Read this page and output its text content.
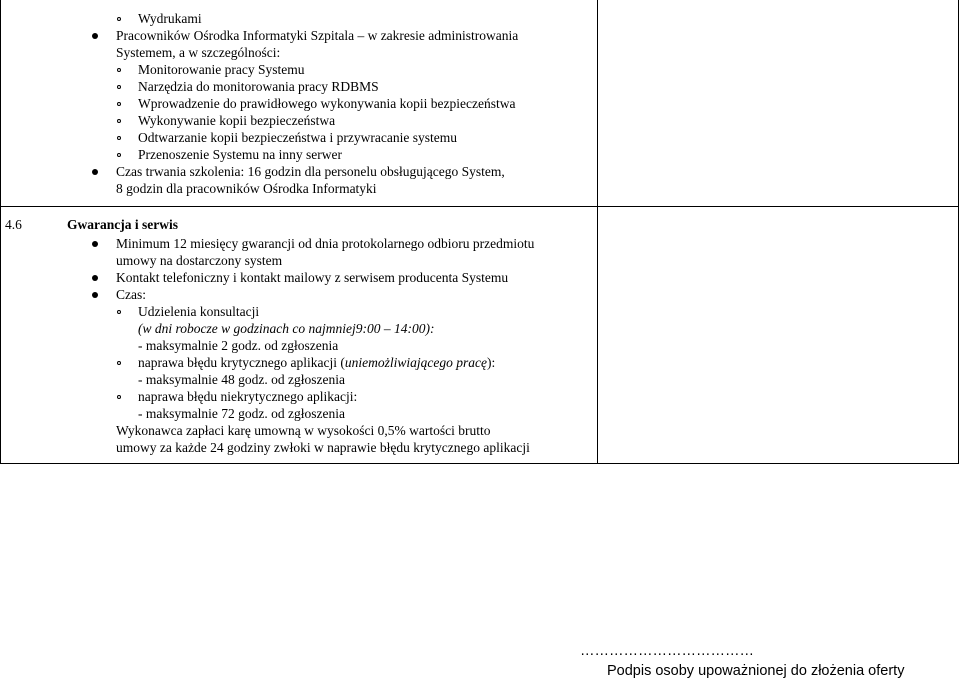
Wydrukami
Pracowników Ośrodka Informatyki Szpitala – w zakresie administrowania
Systemem, a w szczególności:
Monitorowanie pracy Systemu
Narzędzia do monitorowania pracy RDBMS
Wprowadzenie do prawidłowego wykonywania kopii bezpieczeństwa
Wykonywanie kopii bezpieczeństwa
Odtwarzanie kopii bezpieczeństwa i przywracanie systemu
Przenoszenie Systemu na inny serwer
Czas trwania szkolenia: 16 godzin dla personelu obsługującego System,
8 godzin dla pracowników Ośrodka Informatyki
4.6	Gwarancja i serwis
Minimum 12 miesięcy gwarancji od dnia protokolarnego odbioru przedmiotu
umowy na dostarczony system
Kontakt telefoniczny i kontakt mailowy z serwisem producenta Systemu
Czas:
Udzielenia konsultacji
(w dni robocze w godzinach co najmniej9:00 – 14:00):
- maksymalnie 2 godz. od zgłoszenia
naprawa błędu krytycznego aplikacji (uniemożliwiającego pracę):
- maksymalnie 48 godz. od zgłoszenia
naprawa błędu niekrytycznego aplikacji:
- maksymalnie 72 godz. od zgłoszenia
Wykonawca zapłaci karę umowną w wysokości 0,5% wartości brutto
umowy za każde 24 godziny zwłoki w naprawie błędu krytycznego aplikacji
………………………………
Podpis osoby upoważnionej do złożenia oferty
